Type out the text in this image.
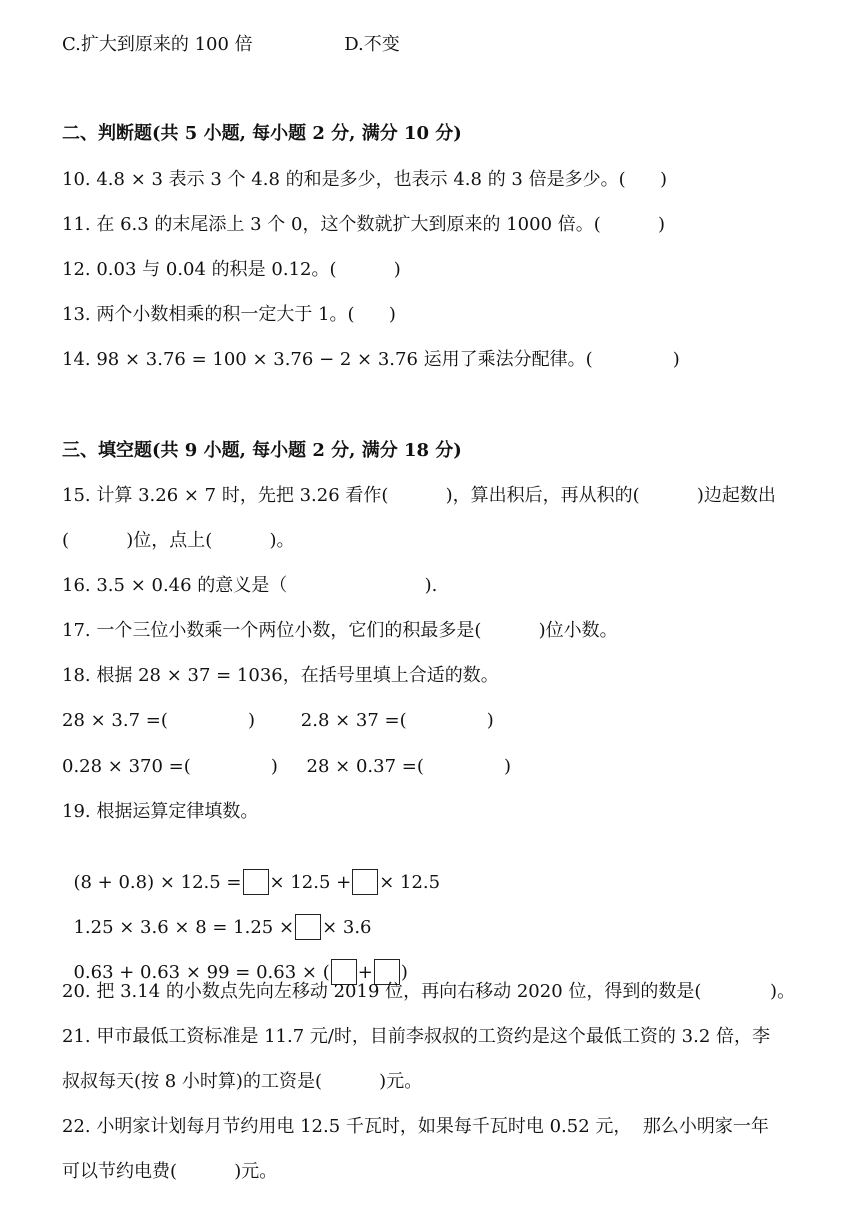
C.扩大到原来的 100 倍                D.不变
二、判断题(共 5 小题, 每小题 2 分, 满分 10 分)
10. 4.8 × 3 表示 3 个 4.8 的和是多少，也表示 4.8 的 3 倍是多少。(      )
11. 在 6.3 的末尾添上 3 个 0，这个数就扩大到原来的 1000 倍。(          )
12. 0.03 与 0.04 的积是 0.12。(          )
13. 两个小数相乘的积一定大于 1。(      )
14. 98 × 3.76 = 100 × 3.76 − 2 × 3.76 运用了乘法分配律。(              )
三、填空题(共 9 小题, 每小题 2 分, 满分 18 分)
15. 计算 3.26 × 7 时，先把 3.26 看作(          )，算出积后，再从积的(          )边起数出
(          )位，点上(          )。
16. 3.5 × 0.46 的意义是（                        ).
17. 一个三位小数乘一个两位小数，它们的积最多是(          )位小数。
18. 根据 28 × 37 = 1036，在括号里填上合适的数。
28 × 3.7 =(              )        2.8 × 37 =(              )
0.28 × 370 =(              )     28 × 0.37 =(              )
19. 根据运算定律填数。

(8 + 0.8) × 12.5 = × 12.5 + × 12.5

1.25 × 3.6 × 8 = 1.25 × × 3.6

0.63 + 0.63 × 99 = 0.63 × ( + )

20. 把 3.14 的小数点先向左移动 2019 位，再向右移动 2020 位，得到的数是(            )。
21. 甲市最低工资标准是 11.7 元/时，目前李叔叔的工资约是这个最低工资的 3.2 倍，李
叔叔每天(按 8 小时算)的工资是(          )元。
22. 小明家计划每月节约用电 12.5 千瓦时，如果每千瓦时电 0.52 元，  那么小明家一年
可以节约电费(          )元。
